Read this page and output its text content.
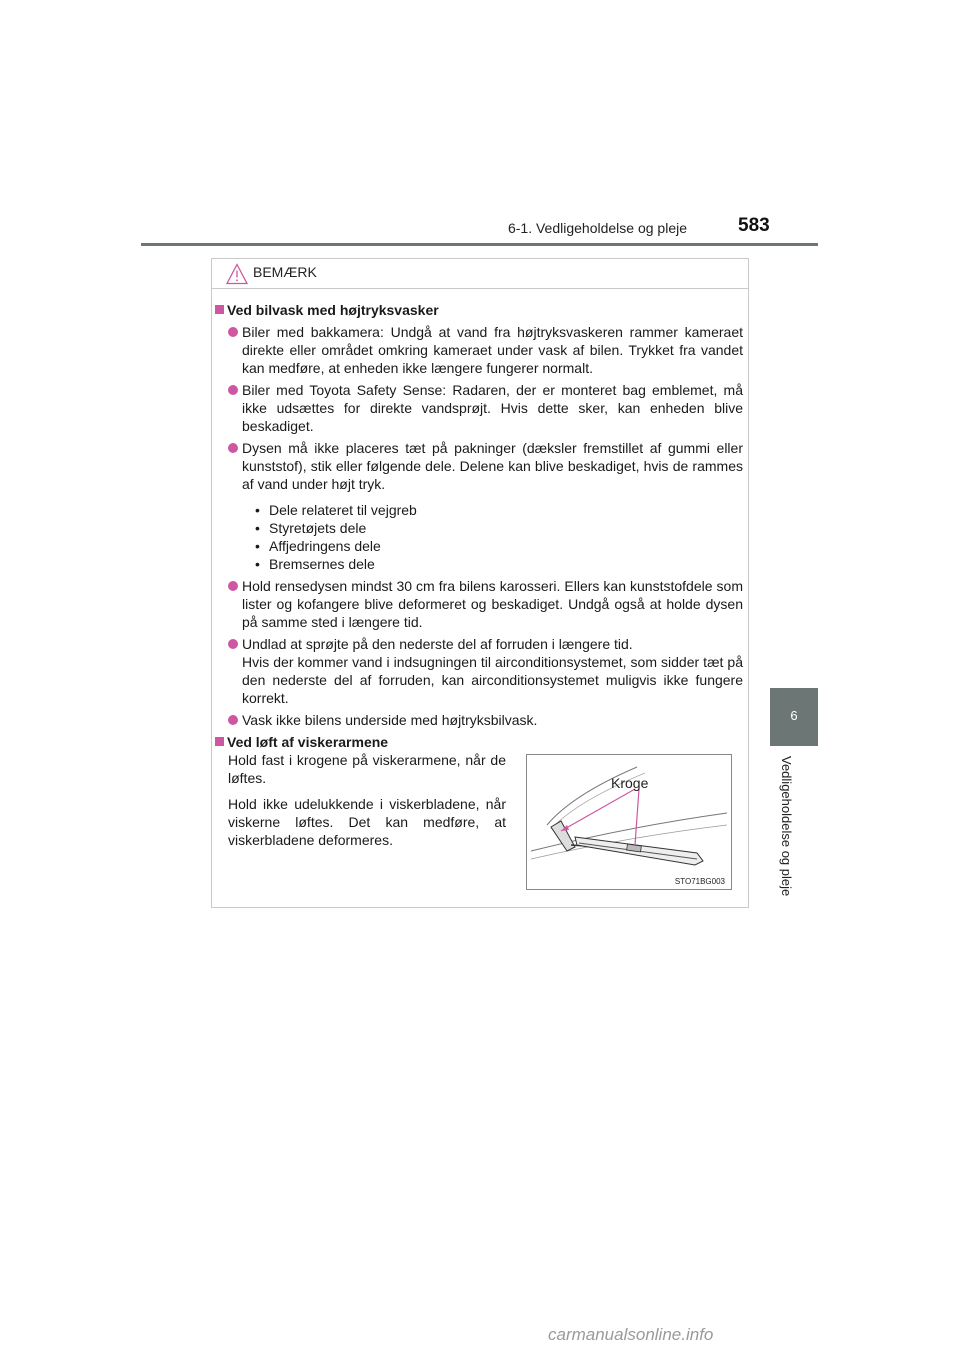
6-1. Vedligeholdelse og pleje	583
6
Vedligeholdelse og pleje
BEMÆRK
Ved bilvask med højtryksvasker
Biler med bakkamera: Undgå at vand fra højtryksvaskeren rammer kameraet direkte eller området omkring kameraet under vask af bilen. Trykket fra vandet kan medføre, at enheden ikke længere fungerer normalt.
Biler med Toyota Safety Sense: Radaren, der er monteret bag emblemet, må ikke udsættes for direkte vandsprøjt. Hvis dette sker, kan enheden blive beskadiget.
Dysen må ikke placeres tæt på pakninger (dæksler fremstillet af gummi eller kunststof), stik eller følgende dele. Delene kan blive beskadiget, hvis de rammes af vand under højt tryk.
• Dele relateret til vejgreb
• Styretøjets dele
• Affjedringens dele
• Bremsernes dele
Hold rensedysen mindst 30 cm fra bilens karosseri. Ellers kan kunststofdele som lister og kofangere blive deformeret og beskadiget. Undgå også at holde dysen på samme sted i længere tid.
Undlad at sprøjte på den nederste del af forruden i længere tid.
Hvis der kommer vand i indsugningen til airconditionsystemet, som sidder tæt på den nederste del af forruden, kan airconditionsystemet muligvis ikke fungere korrekt.
Vask ikke bilens underside med højtryksbilvask.
Ved løft af viskerarmene

Hold fast i krogene på viskerarmene, når de løftes.

Hold ikke udelukkende i viskerbladene, når viskerne løftes. Det kan medføre, at viskerbladene deformeres.

Kroge
STO71BG003
carmanualsonline.info
